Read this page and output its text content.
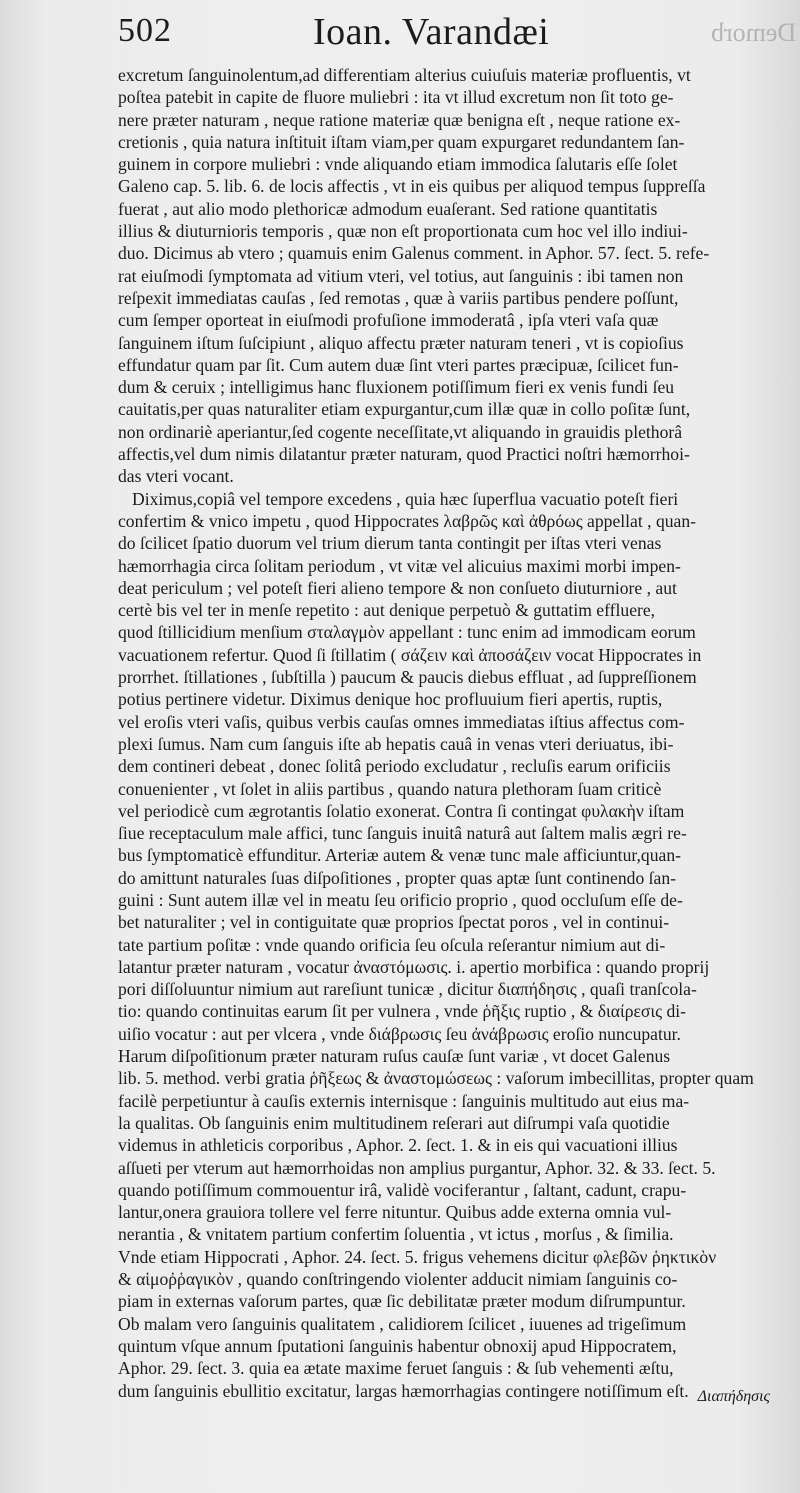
502	Ioan. Varandæi	Demorb
excretum ſanguinolentum,ad differentiam alterius cuiuſuis materiæ profluentis, vt
poſtea patebit in capite de fluore muliebri : ita vt illud excretum non ſit toto ge-
nere præter naturam , neque ratione materiæ quæ benigna eſt , neque ratione ex-
cretionis , quia natura inſtituit iſtam viam,per quam expurgaret redundantem ſan-
guinem in corpore muliebri : vnde aliquando etiam immodica ſalutaris eſſe ſolet
Galeno cap. 5. lib. 6. de locis affectis , vt in eis quibus per aliquod tempus ſuppreſſa
fuerat , aut alio modo plethoricæ admodum euaſerant. Sed ratione quantitatis
illius & diuturnioris temporis , quæ non eſt proportionata cum hoc vel illo indiui-
duo. Dicimus ab vtero ; quamuis enim Galenus comment. in Aphor. 57. ſect. 5. refe-
rat eiuſmodi ſymptomata ad vitium vteri, vel totius, aut ſanguinis : ibi tamen non
reſpexit immediatas cauſas , ſed remotas , quæ à variis partibus pendere poſſunt,
cum ſemper oporteat in eiuſmodi profuſione immoderatâ , ipſa vteri vaſa quæ
ſanguinem iſtum ſuſcipiunt , aliquo affectu præter naturam teneri , vt is copioſius
effundatur quam par ſit. Cum autem duæ ſint vteri partes præcipuæ, ſcilicet fun-
dum & ceruix ; intelligimus hanc fluxionem potiſſimum fieri ex venis fundi ſeu
cauitatis,per quas naturaliter etiam expurgantur,cum illæ quæ in collo poſitæ ſunt,
non ordinariè aperiantur,ſed cogente neceſſitate,vt aliquando in grauidis plethorâ
affectis,vel dum nimis dilatantur præter naturam, quod Practici noſtri hæmorrhoi-
das vteri vocant.
Diximus,copiâ vel tempore excedens , quia hæc ſuperflua vacuatio poteſt fieri
confertim & vnico impetu , quod Hippocrates λαβρῶς καὶ ἀθρόως appellat , quan-
do ſcilicet ſpatio duorum vel trium dierum tanta contingit per iſtas vteri venas
hæmorrhagia circa ſolitam periodum , vt vitæ vel alicuius maximi morbi impen-
deat periculum ; vel poteſt fieri alieno tempore & non conſueto diuturniore , aut
certè bis vel ter in menſe repetito : aut denique perpetuò & guttatim effluere,
quod ſtillicidium menſium σταλαγμὸν appellant : tunc enim ad immodicam eorum
vacuationem refertur. Quod ſi ſtillatim ( σάζειν καὶ ἀποσάζειν vocat Hippocrates in
prorrhet. ſtillationes , ſubſtilla ) paucum & paucis diebus effluat , ad ſuppreſſionem
potius pertinere videtur. Diximus denique hoc profluuium fieri apertis, ruptis,
vel eroſis vteri vaſis, quibus verbis cauſas omnes immediatas iſtius affectus com-
plexi ſumus. Nam cum ſanguis iſte ab hepatis cauâ in venas vteri deriuatus, ibi-
dem contineri debeat , donec ſolitâ periodo excludatur , recluſis earum orificiis
conuenienter , vt ſolet in aliis partibus , quando natura plethoram ſuam criticè
vel periodicè cum ægrotantis ſolatio exonerat. Contra ſi contingat φυλακὴν iſtam
ſiue receptaculum male affici, tunc ſanguis inuitâ naturâ aut ſaltem malis ægri re-
bus ſymptomaticè effunditur. Arteriæ autem & venæ tunc male afficiuntur,quan-
do amittunt naturales ſuas diſpoſitiones , propter quas aptæ ſunt continendo ſan-
guini : Sunt autem illæ vel in meatu ſeu orificio proprio , quod occluſum eſſe de-
bet naturaliter ; vel in contiguitate quæ proprios ſpectat poros , vel in continui-
tate partium poſitæ : vnde quando orificia ſeu oſcula reſerantur nimium aut di-
latantur præter naturam , vocatur ἀναστόμωσις. i. apertio morbifica : quando proprij
pori diſſoluuntur nimium aut rareſiunt tunicæ , dicitur διαπήδησις , quaſi tranſcola-
tio: quando continuitas earum ſit per vulnera , vnde ῥῆξις ruptio , & διαίρεσις di-
uiſio vocatur : aut per vlcera , vnde διάβρωσις ſeu ἀνάβρωσις eroſio nuncupatur.
Harum diſpoſitionum præter naturam ruſus cauſæ ſunt variæ , vt docet Galenus
lib. 5. method. verbi gratia ῥῆξεως & ἀναστομώσεως : vaſorum imbecillitas, propter quam
facilè perpetiuntur à cauſis externis internisque : ſanguinis multitudo aut eius ma-
la qualitas. Ob ſanguinis enim multitudinem reſerari aut diſrumpi vaſa quotidie
videmus in athleticis corporibus , Aphor. 2. ſect. 1. & in eis qui vacuationi illius
aſſueti per vterum aut hæmorrhoidas non amplius purgantur, Aphor. 32. & 33. ſect. 5.
quando potiſſimum commouentur irâ, validè vociferantur , ſaltant, cadunt, crapu-
lantur,onera grauiora tollere vel ferre nituntur. Quibus adde externa omnia vul-
nerantia , & vnitatem partium confertim ſoluentia , vt ictus , morſus , & ſimilia.
Vnde etiam Hippocrati , Aphor. 24. ſect. 5. frigus vehemens dicitur φλεβῶν ῥηκτικὸν
& αἱμοῤῥαγικὸν , quando conſtringendo violenter adducit nimiam ſanguinis co-
piam in externas vaſorum partes, quæ ſic debilitatæ præter modum diſrumpuntur.
Ob malam vero ſanguinis qualitatem , calidiorem ſcilicet , iuuenes ad trigeſimum
quintum vſque annum ſputationi ſanguinis habentur obnoxij apud Hippocratem,
Aphor. 29. ſect. 3. quia ea ætate maxime feruet ſanguis : & ſub vehementi æſtu,
dum ſanguinis ebullitio excitatur, largas hæmorrhagias contingere notiſſimum eſt. Διαπήδησις
